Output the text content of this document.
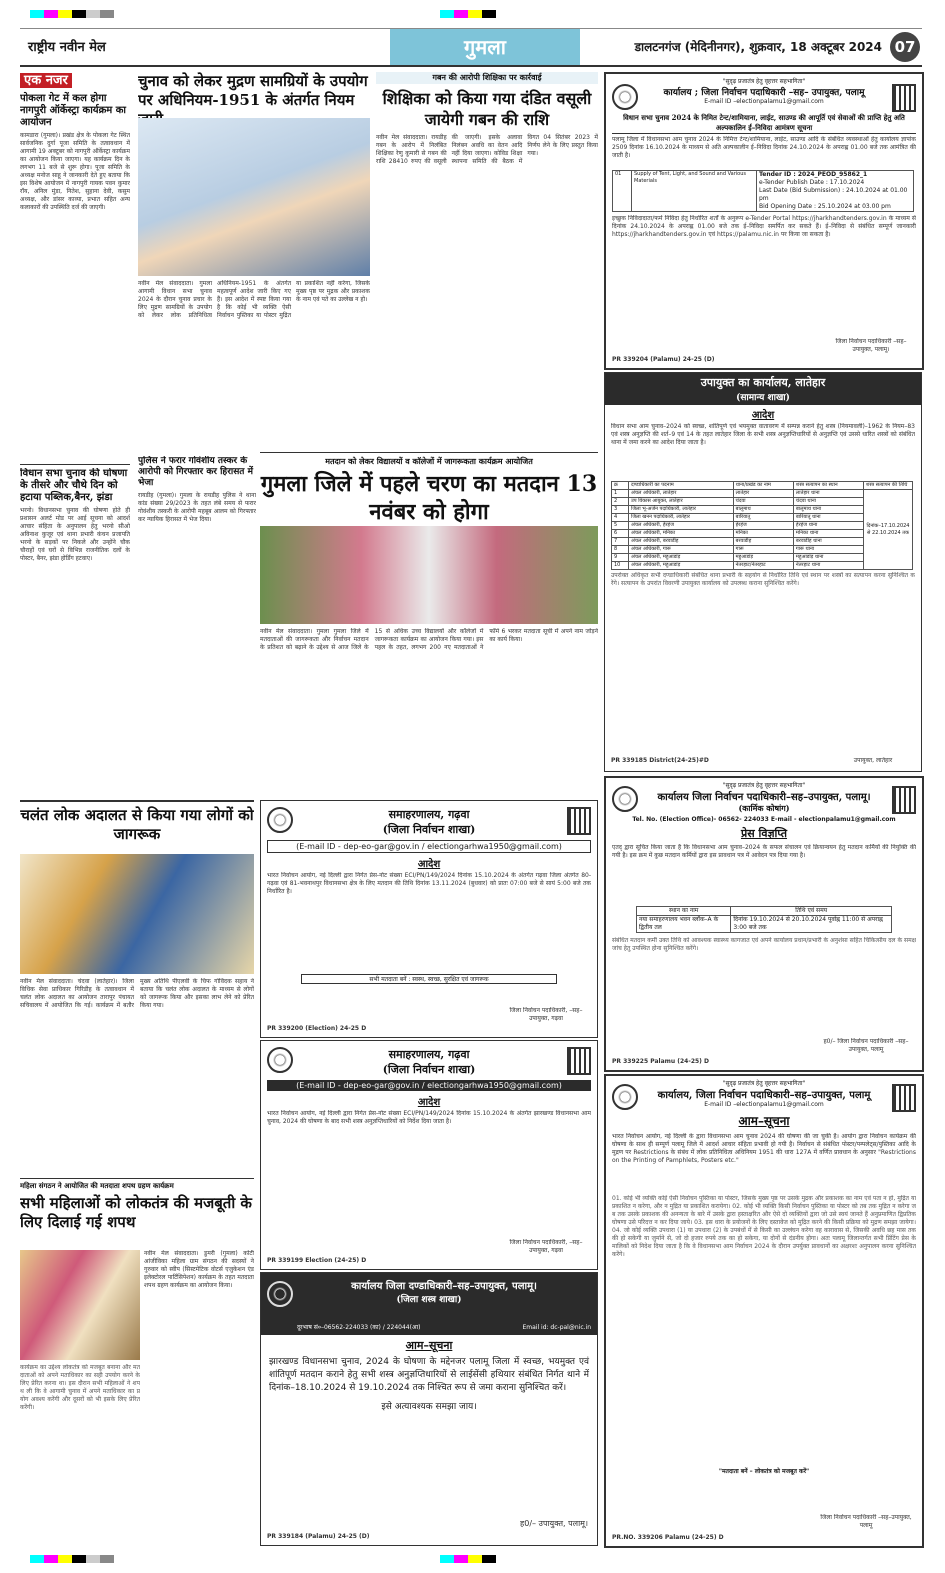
राष्ट्रीय नवीन मेल	गुमला	डालटनगंज (मेदिनीनगर), शुक्रवार, 18 अक्टूबर 2024 07
एक नजर
पोकला गेट में कल होगा नागपुरी ऑर्केस्ट्रा कार्यक्रम का आयोजन
कामडारा (गुमला)। प्रखंड क्षेत्र के पोकला गेट स्थित सार्वजनिक दुर्गा पूजा समिति के तत्वावधान में आगामी 19 अक्टूबर को नागपुरी ऑर्केस्ट्रा कार्यक्रम का आयोजन किया जाएगा। यह कार्यक्रम दिन के लगभग 11 बजे से शुरू होगा। पूजा समिति के अध्यक्ष मनोज साहू ने जानकारी देते हुए बताया कि इस विशेष आयोजन में नागपुरी गायक पवन कुमार रॉय, अनिल मुंडा, नितेश, सुहाना देवी, कसुम अध्यक्ष, और डांसर काव्या, प्रभात सहित अन्य कलाकारों की उपस्थिति दर्ज की जाएगी।
विधान सभा चुनाव की घोषणा के तीसरे और चौथे दिन को हटाया पब्लिक,बैनर, झंडा
भरनो। विधानसभा चुनाव की घोषणा होते ही प्रशासन अलर्ट मोड पर आई सूचना को आदर्श आचार संहिता के अनुपालन हेतु भरनो सीओ अविनाश कुजूर एवं थाना प्रभारी कंचन प्रजापति भरनो के सड़कों पर निकले और उन्होंने चौक चौराहों एवं घरों से विभिन्न राजनीतिक दलों के पोस्टर, बैनर, झंडा होर्डिंग हटवाए।
चुनाव को लेकर मुद्रण सामग्रियों के उपयोग पर अधिनियम-1951 के अंतर्गत नियम
नवीन मेल संवाददाता। गुमला आगामी विधान सभा चुनाव 2024 के दौरान चुनाव प्रचार के लिए मुद्रण सामग्रियों के उपयोग को लेकर लोक प्रतिनिधित्व अधिनियम-1951 के अंतर्गत महत्वपूर्ण आदेश जारी किए गए हैं। इस आदेश में स्पष्ट किया गया है कि कोई भी व्यक्ति ऐसी निर्वाचन पुस्तिका या पोस्टर मुद्रित या प्रकाशित नहीं करेगा, जिसके मुख्य पृष्ठ पर मुद्रक और प्रकाशक के नाम एवं पते का उल्लेख न हो।
पुलिस ने फरार गोवंशीय तस्कर के आरोपी को गिरफ्तार कर हिरासत में भेजा
रायडीह (गुमला)। गुमला के रायडीह पुलिस ने थाना कांड संख्या 29/2023 के तहत लंबे समय से फरार गोवंशीय तस्करी के आरोपी महबूब आलम को गिरफ्तार कर न्यायिक हिरासत में भेज दिया।
गबन की आरोपी शिक्षिका पर कार्रवाई
शिक्षिका को किया गया दंडित वसूली जायेगी गबन की राशि
नवीन मेल संवाददाता। रायडीह गबन के आरोप में निलंबित शिक्षिका रेणु कुमारी से गबन की राशि 28410 रुपए की वसूली की जाएगी। इसके अलावा निलंबन अवधि का वेतन आदि नहीं दिया जाएगा। कोविड शिक्षा स्थापना समिति की बैठक में विगत 04 सितंबर 2023 में निर्णय लेने के लिए प्रस्तुत किया गया।
मतदान को लेकर विद्यालयों व कॉलेजों में जागरूकता कार्यक्रम आयोजित
गुमला जिले में पहले चरण का मतदान 13 नवंबर को होगा
नवीन मेल संवाददाता। गुमला गुमला जिले में मतदाताओं की जागरूकता और निर्वाचन मतदान के प्रतिशत को बढ़ाने के उद्देश्य से आज जिले के 15 से अधिक उच्च विद्यालयों और कॉलेजों में जागरूकता कार्यक्रम का आयोजन किया गया। इस पहल के तहत, लगभग 200 नए मतदाताओं ने फॉर्म 6 भरकर मतदाता सूची में अपने नाम जोड़ने का कार्य किया।
चलंत लोक अदालत से किया गया लोगों को जागरूक
नवीन मेल संवाददाता। चंदवा (लातेहार)। जिला विधिक सेवा प्राधिकार गिरिडीह के तत्वावधान में चलंत लोक अदालत का आयोजन तारापुर पंचायत सचिवालय में आयोजित कि गई। कार्यक्रम में बतौर मुख्य अतिथि पीएलवी के चिफ गोविंदक सहाय ने बताया कि चलंत लोक अदालत के माध्यम से लोगों को जागरूक किया और इसका लाभ लेने को प्रेरित किया गया।
महिला संगठन ने आयोजित की मतदाता शपथ ग्रहण कार्यक्रम
सभी महिलाओं को लोकतंत्र की मजबूती के लिए दिलाई गई शपथ
नवीन मेल संवाददाता। डुमरी (गुमला) कोटी आंजीविका महिला ग्राम संगठन की सदस्यों ने गुरुवार को स्वीप (सिस्टमेटिक वोटर्स एजुकेशन एंड इलेक्टोरल पार्टिसिपेशन) कार्यक्रम के तहत मतदाता शपथ ग्रहण कार्यक्रम का आयोजन किया।
कार्यक्रम का उद्देश्य लोकतंत्र को मजबूत बनाना और मतदाताओं को अपने मताधिकार का सही उपयोग करने के लिए प्रेरित करना था। इस दौरान सभी महिलाओं ने शपथ ली कि वे आगामी चुनाव में अपने मताधिकार का प्रयोग अवश्य करेंगी और दूसरों को भी इसके लिए प्रेरित करेंगी।
समाहरणालय, गढ़वा
(जिला निर्वाचन शाखा)
(E-mail ID - dep-eo-gar@gov.in / electiongarhwa1950@gmail.com)
आदेश
भारत निर्वाचन आयोग, नई दिल्ली द्वारा निर्गत प्रेस-नोट संख्या ECI/PN/149/2024 दिनांक 15.10.2024 के अंतर्गत गढ़वा जिला अंतर्गत 80-गढ़वा एवं 81-भवनाथपुर विधानसभा क्षेत्र के लिए मतदान की तिथि दिनांक 13.11.2024 (बुधवार) को प्रातः 07:00 बजे से सायं 5:00 बजे तक निर्धारित है।
सभी मतदाता बनें : स्वस्थ, स्वच्छ, सुरक्षित एवं जागरूक
जिला निर्वाचन पदाधिकारी, –सह– उपायुक्त, गढ़वा
PR 339200 (Election) 24-25 D
समाहरणालय, गढ़वा
(जिला निर्वाचन शाखा)
(E-mail ID - dep-eo-gar@gov.in / electiongarhwa1950@gmail.com)
आदेश
भारत निर्वाचन आयोग, नई दिल्ली द्वारा निर्गत प्रेस-नोट संख्या ECI/PN/149/2024 दिनांक 15.10.2024 के अंतर्गत झारखण्ड विधानसभा आम चुनाव, 2024 की घोषणा के बाद सभी शस्त्र अनुज्ञप्तिधारियों को निर्देश दिया जाता है।
जिला निर्वाचन पदाधिकारी, –सह– उपायुक्त, गढ़वा
PR 339199 Election (24-25) D
कार्यालय जिला दण्डाधिकारी–सह–उपायुक्त, पलामू।
(जिला शस्त्र शाखा)
दूरभाष सं०–06562-224033 (का) / 224044(आ)	Email id: dc-pal@nic.in
आम–सूचना
झारखण्ड विधानसभा चुनाव, 2024 के घोषणा के मद्देनजर पलामू जिला में स्वच्छ, भयमुक्त एवं शांतिपूर्ण मतदान कराने हेतु सभी शस्त्र अनुज्ञप्तिधारियों से लाईसेंसी हथियार संबंधित निर्गत थाने में दिनांक–18.10.2024 से 19.10.2024 तक निश्चित रूप से जमा कराना सुनिश्चित करें।
इसे अत्यावश्यक समझा जाय।
ह0/– उपायुक्त, पलामू।
PR 339184 (Palamu) 24-25 (D)
"सुदृढ़ प्रजातंत्र हेतु वृहत्तर सहभागिता"
कार्यालय ; जिला निर्वाचन पदाधिकारी –सह– उपायुक्त, पलामू
E-mail ID –electionpalamu1@gmail.com
विधान सभा चुनाव 2024 के निमित टेन्ट/शामियाना, लाईट, साउण्ड की आपूर्ति एवं सेवाओं की प्राप्ति हेतु अति अल्पकालिन ई–निविदा आमंत्रण सूचना
पलामू जिला में विधानसभा आम चुनाव 2024 के निमित्त टेन्ट/शामियाना, लाईट, साउण्ड आदि के संबंधित व्यवस्थाओं हेतु कार्यालय ज्ञापांक 2509 दिनांक 16.10.2024 के माध्यम से अति अल्पकालीन ई–निविदा दिनांक 24.10.2024 के अपराह्न 01.00 बजे तक आमंत्रित की जाती है।
01	Supply of Tent, Light, and Sound and Various Materials	
Tender ID : 2024_PEOD_95862_1
e-Tender Publish Date : 17.10.2024
Last Date (Bid Submission) : 24.10.2024 at 01.00 pm
Bid Opening Date : 25.10.2024 at 03.00 pm
इच्छुक निविदादाता/फर्म निविदा हेतु निर्धारित शर्तों के अनुरूप e-Tender Portal https://jharkhandtenders.gov.in के माध्यम से दिनांक 24.10.2024 के अपराह्न 01.00 बजे तक ई–निविदा समर्पित कर सकते हैं। ई–निविदा से संबंधित सम्पूर्ण जानकारी https://jharkhandtenders.gov.in एवं https://palamu.nic.in पर किया जा सकता है।
जिला निर्वाचन पदाधिकारी –सह– उपायुक्त, पलामू।
PR 339204 (Palamu) 24-25 (D)
उपायुक्त का कार्यालय, लातेहार
(सामान्य शाखा)
आदेश
विधान सभा आम चुनाव–2024 को स्वच्छ, शांतिपूर्ण एवं भयमुक्त वातावरण में सम्पन्न कराने हेतु शस्त्र (नियमावली)–1962 के नियम–83 एवं शस्त्र अनुज्ञप्ति की शर्त–9 एवं 14 के तहत लातेहार जिला के सभी शस्त्र अनुज्ञप्तिधारियों से अनुज्ञप्ति एवं उससे धारित शस्त्रों को संबंधित थाना में जमा करने का आदेश दिया जाता है।
क्र	दण्डाधिकारी का पदनाम	थाना/प्रखंड का नाम	शस्त्र सत्यापन का स्थान	शस्त्र सत्यापन की तिथि
1	अंचल अधिकारी, लातेहार	लातेहार	लातेहार थाना	दिनांक–17.10.2024 से 22.10.2024 तक
2	उप विकास आयुक्त, लातेहार	चंदवा	चंदवा थाना	
3	जिला भू-अर्जन पदाधिकारी, लातेहार	बालूमाथ	बालूमाथ थाना	
4	जिला खनन पदाधिकारी, लातेहार	बारियातू	बारियातू थाना	
5	अंचल अधिकारी, हेरहंज	हेरहंज	हेरहंज थाना	
6	अंचल अधिकारी, मनिका	मनिका	मनिका थाना	
7	अंचल अधिकारी, बरवाडीह	बरवाडीह	बरवाडीह थाना	
8	अंचल अधिकारी, गारू	गारू	गारू थाना	
9	अंचल अधिकारी, महुआडांड़	महुआडांड़	महुआडांड़ थाना	
10	अंचल अधिकारी, महुआडांड़	नेतरहाट/नेतरहाट	नेतरहाट थाना	
उपरोक्त अधिकृत सभी दण्डाधिकारी संबंधित थाना प्रभारी के सहयोग से निर्धारित तिथि एवं स्थान पर शस्त्रों का सत्यापन करना सुनिश्चित करेंगे। सत्यापन के उपरांत विवरणी उपायुक्त कार्यालय को उपलब्ध कराना सुनिश्चित करेंगे।
उपायुक्त, लातेहार
PR 339185 District(24-25)#D
"सुदृढ़ प्रजातंत्र हेतु वृहत्तर सहभागिता"
कार्यालय जिला निर्वाचन पदाधिकारी–सह–उपायुक्त, पलामू।
(कार्मिक कोषांग)
Tel. No. (Election Office)- 06562- 224033 E-mail - electionpalamu1@gmail.com
प्रेस विज्ञप्ति
एतद् द्वारा सूचित किया जाता है कि विधानसभा आम चुनाव–2024 के सफल संचालन एवं क्रियान्वयन हेतु मतदान कर्मियों की नियुक्ति की गयी है। इस क्रम में कुछ मतदान कर्मियों द्वारा इस प्रावधान पत्र में आवेदन पत्र दिया गया है।
स्थान का नाम	तिथि एवं समय
नया समाहरणालय भवन ब्लॉक–A के द्वितीय तल	दिनांक 19.10.2024 से 20.10.2024 पूर्वाह्न 11:00 से अपराह्न 3:00 बजे तक
संबंधित मतदान कर्मी उक्त तिथि को आवश्यक स्वास्थ्य कागजात एवं अपने कार्यालय प्रधान/प्रभारी के अनुशंसा सहित चिकित्सीय दल के समक्ष जांच हेतु उपस्थित होना सुनिश्चित करेंगे।
ह0/– जिला निर्वाचन पदाधिकारी –सह–उपायुक्त, पलामू
PR 339225 Palamu (24-25) D
"सुदृढ़ प्रजातंत्र हेतु वृहत्तर सहभागिता"
कार्यालय, जिला निर्वाचन पदाधिकारी–सह–उपायुक्त, पलामू
E-mail ID –electionpalamu1@gmail.com
आम–सूचना
भारत निर्वाचन आयोग, नई दिल्ली के द्वारा विधानसभा आम चुनाव 2024 की घोषणा की जा चुकी है। आयोग द्वारा निर्वाचन कार्यक्रम की घोषणा के साथ ही सम्पूर्ण पलामू जिले में आदर्श आचार संहिता प्रभावी हो गयी है। निर्वाचन से संबंधित पोस्टर/पम्पलेट्स/पुस्तिका आदि के मुद्रण पर Restrictions के संबंध में लोक प्रतिनिधित्व अधिनियम 1951 की धारा 127A में वर्णित प्रावधान के अनुसार "Restrictions on the Printing of Pamphlets, Posters etc."
01. कोई भी व्यक्ति कोई ऐसी निर्वाचन पुस्तिका या पोस्टर, जिसके मुख्य पृष्ठ पर उसके मुद्रक और प्रकाशक का नाम एवं पता न हो, मुद्रित या प्रकाशित न करेगा, और न मुद्रित या प्रकाशित करायेगा। 02. कोई भी व्यक्ति किसी निर्वाचन पुस्तिका या पोस्टर को तब तक मुद्रित न करेगा जब तक उसके प्रकाशक की अनन्यता के बारे में उसके द्वारा हस्ताक्षरित और ऐसे दो व्यक्तियों द्वारा जो उसे स्वयं जानते हैं अनुप्रमाणित द्विप्रतिक घोषणा उसे परिदत्त न कर दिया जाये। 03. इस धारा के प्रयोजनों के लिए दस्तावेज को मुद्रित करने की किसी प्रक्रिया को मुद्रण समझा जायेगा। 04. जो कोई व्यक्ति उपधारा (1) या उपधारा (2) के उपबंधों में से किसी का उल्लंघन करेगा वह कारावास से, जिसकी अवधि छह मास तक की हो सकेगी या जुर्माने से, जो दो हजार रुपये तक का हो सकेगा, या दोनों से दंडनीय होगा। अतः पलामू जिलान्तर्गत सभी प्रिंटिंग प्रेस के मालिकों को निदेश दिया जाता है कि वे विधानसभा आम निर्वाचन 2024 के दौरान उपर्युक्त प्रावधानों का अक्षरशः अनुपालन करना सुनिश्चित करेंगे।
"मतदाता बनें – लोकतंत्र को मजबूत करें"
जिला निर्वाचन पदाधिकारी –सह–उपायुक्त, पलामू
PR.NO. 339206 Palamu (24-25) D
